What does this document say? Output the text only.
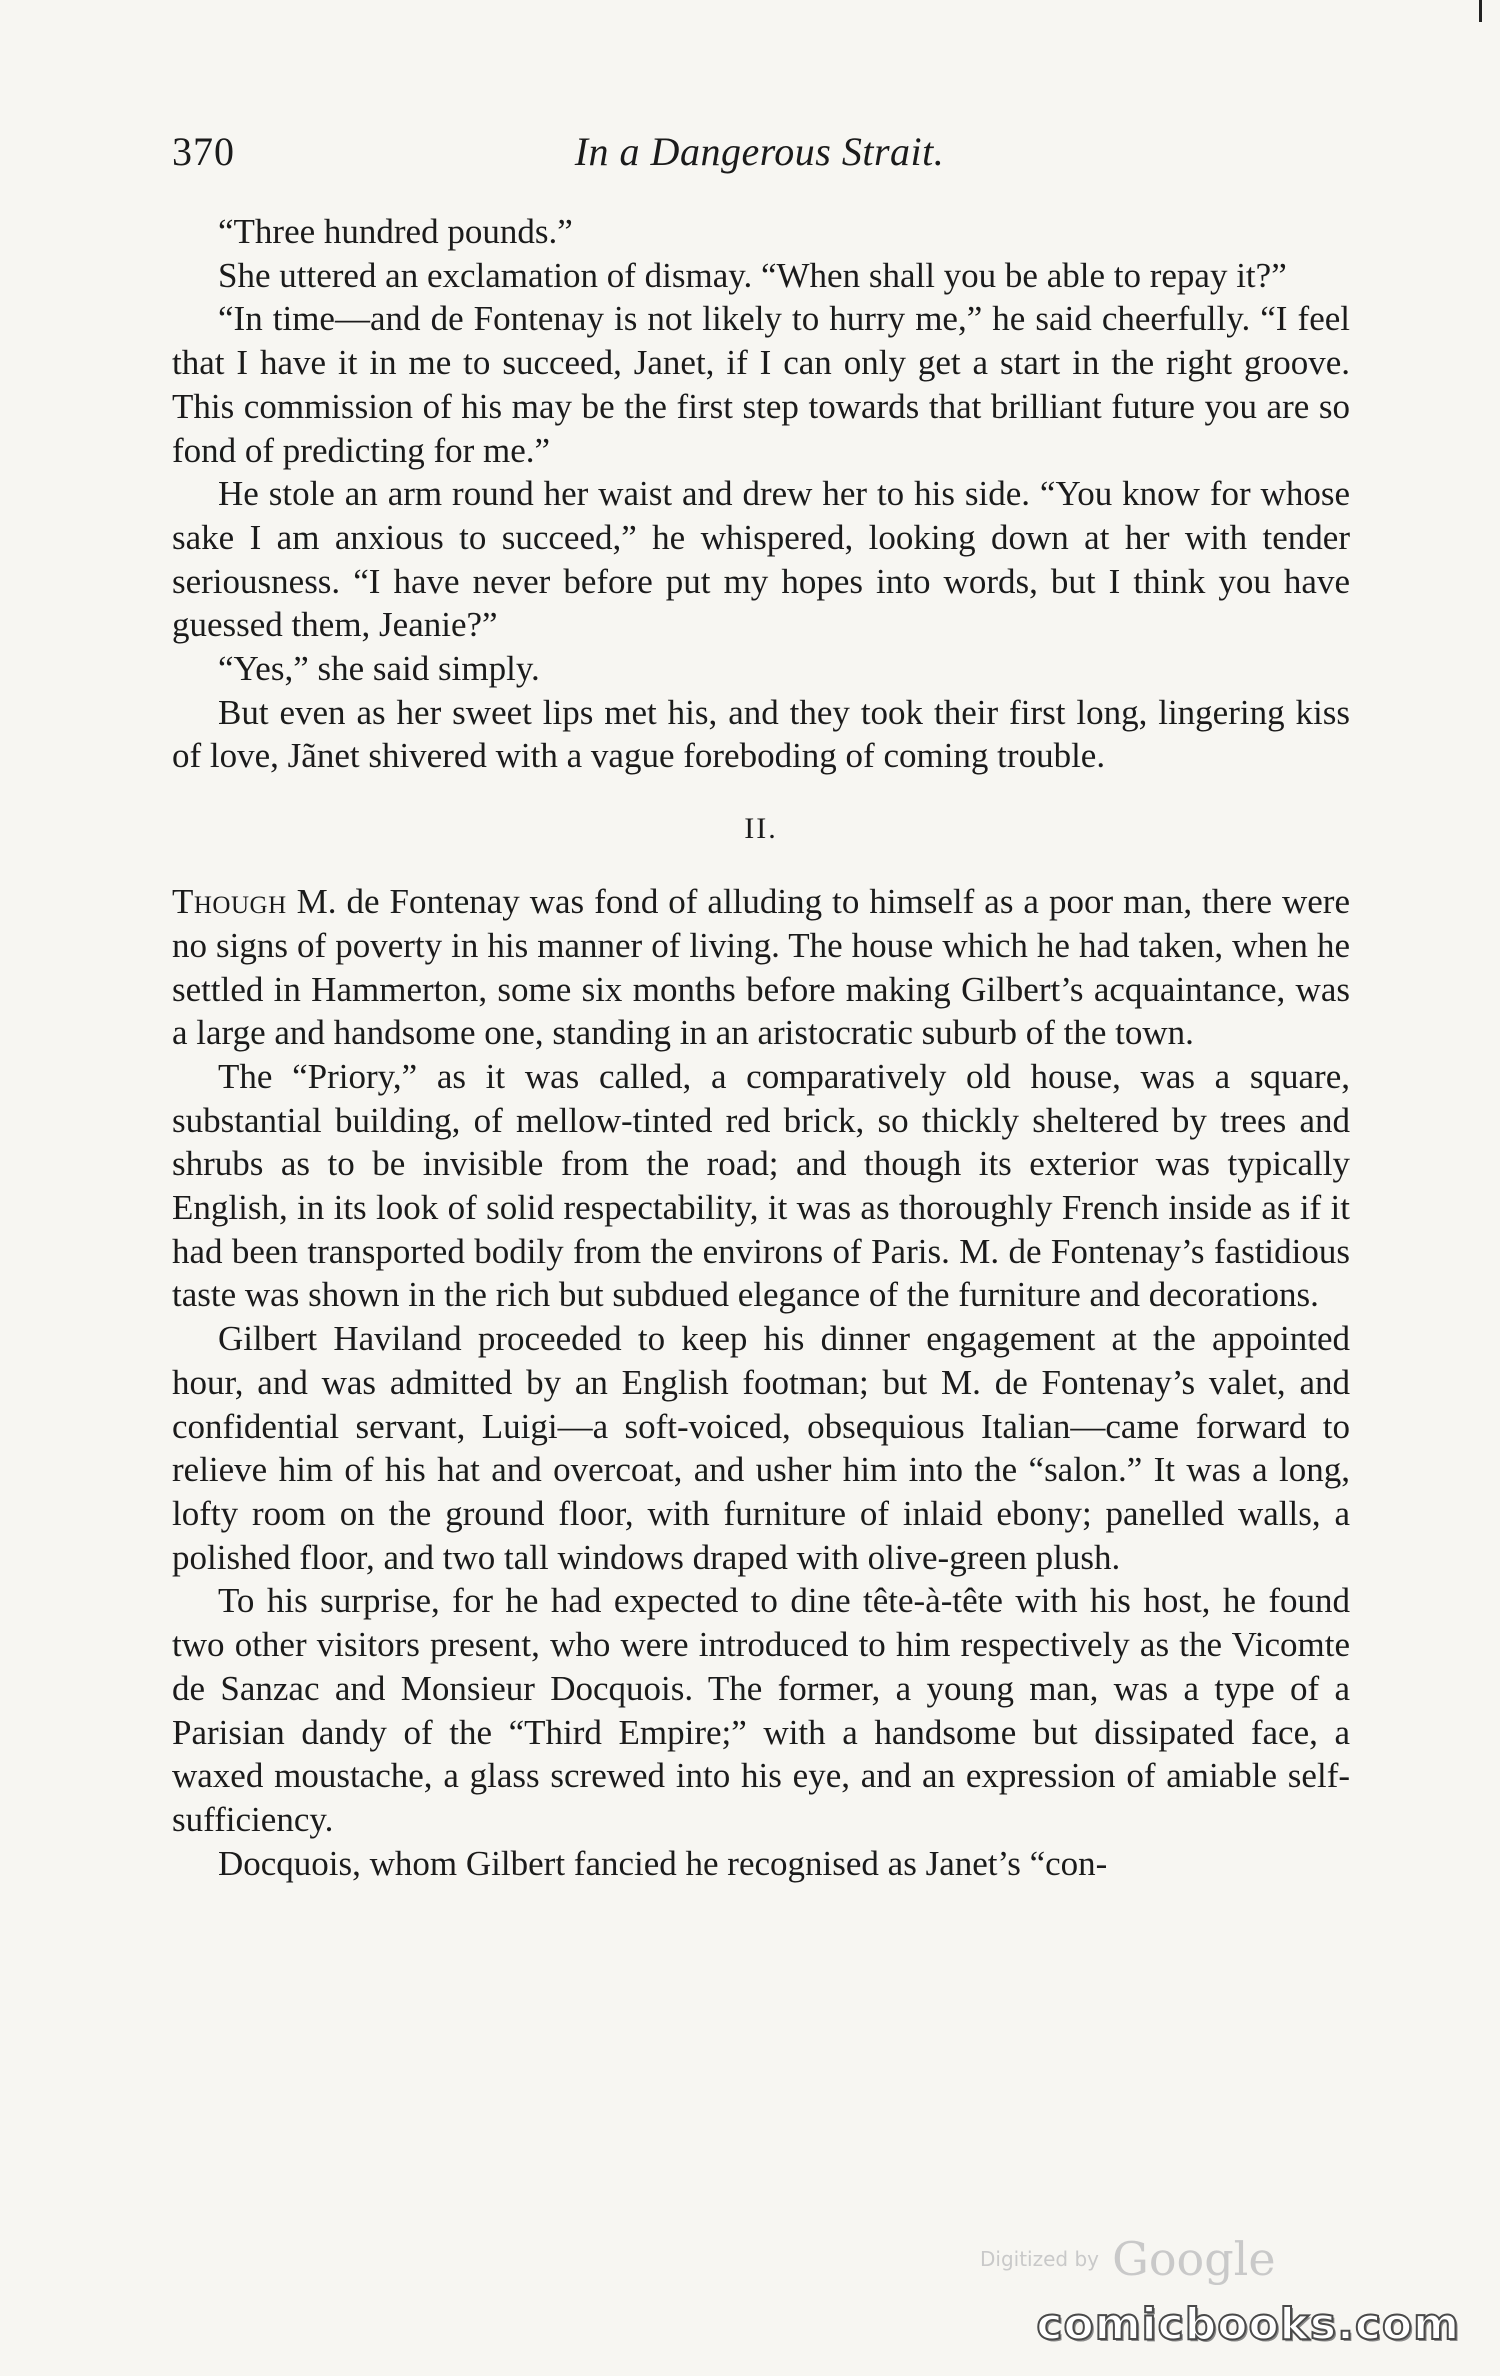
In a Dangerous Strait.
370

“Three hundred pounds.”

She uttered an exclamation of dismay. “When shall you be able to repay it?”

“In time—and de Fontenay is not likely to hurry me,” he said cheerfully. “I feel that I have it in me to succeed, Janet, if I can only get a start in the right groove. This commission of his may be the first step towards that brilliant future you are so fond of predicting for me.”

He stole an arm round her waist and drew her to his side. “You know for whose sake I am anxious to succeed,” he whispered, looking down at her with tender seriousness. “I have never before put my hopes into words, but I think you have guessed them, Jeanie?”

“Yes,” she said simply.

But even as her sweet lips met his, and they took their first long, lingering kiss of love, Jãnet shivered with a vague foreboding of coming trouble.

II.

Though M. de Fontenay was fond of alluding to himself as a poor man, there were no signs of poverty in his manner of living. The house which he had taken, when he settled in Hammerton, some six months before making Gilbert’s acquaintance, was a large and handsome one, standing in an aristocratic suburb of the town.

The “Priory,” as it was called, a comparatively old house, was a square, substantial building, of mellow-tinted red brick, so thickly sheltered by trees and shrubs as to be invisible from the road; and though its exterior was typically English, in its look of solid respectability, it was as thoroughly French inside as if it had been transported bodily from the environs of Paris. M. de Fontenay’s fastidious taste was shown in the rich but subdued elegance of the furniture and decorations.

Gilbert Haviland proceeded to keep his dinner engagement at the appointed hour, and was admitted by an English footman; but M. de Fontenay’s valet, and confidential servant, Luigi—a soft-voiced, obsequious Italian—came forward to relieve him of his hat and overcoat, and usher him into the “salon.” It was a long, lofty room on the ground floor, with furniture of inlaid ebony; panelled walls, a polished floor, and two tall windows draped with olive-green plush.

To his surprise, for he had expected to dine tête-à-tête with his host, he found two other visitors present, who were introduced to him respectively as the Vicomte de Sanzac and Monsieur Docquois. The former, a young man, was a type of a Parisian dandy of the “Third Empire;” with a handsome but dissipated face, a waxed moustache, a glass screwed into his eye, and an expression of amiable self-sufficiency.

Docquois, whom Gilbert fancied he recognised as Janet’s “con-

Digitized by Google
comicbooks.com
